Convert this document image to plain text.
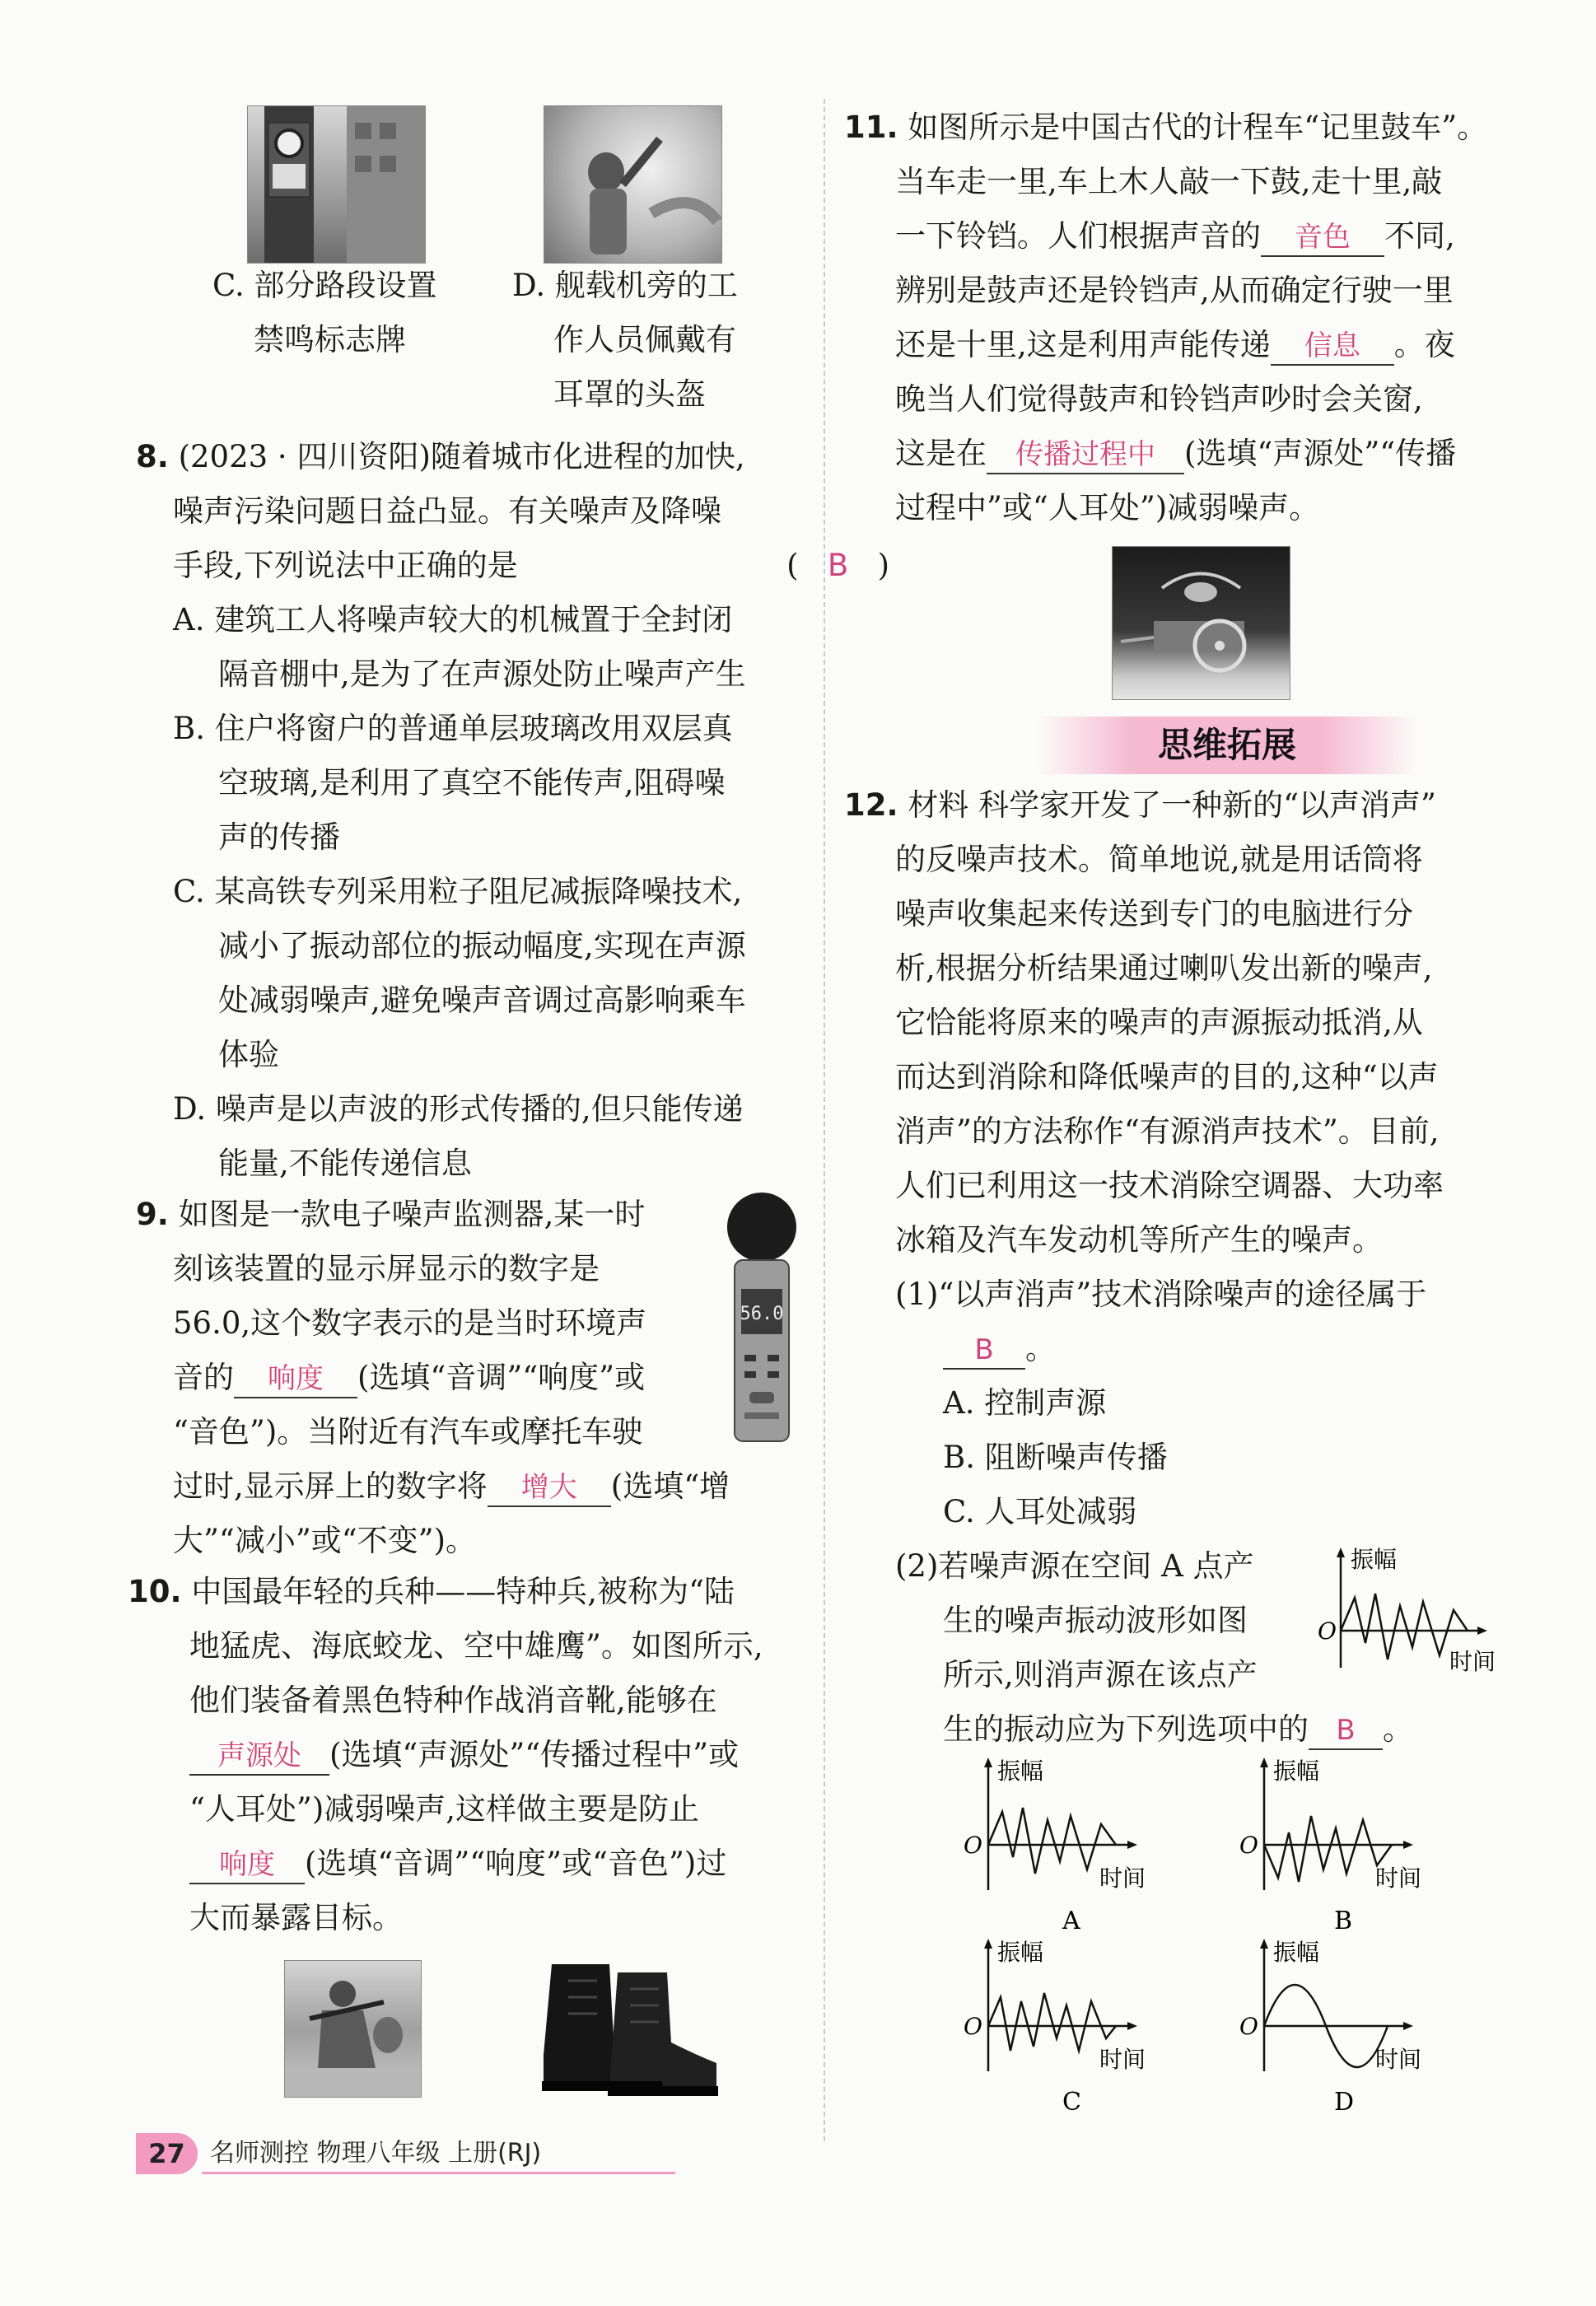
C. 部分路段设置
禁鸣标志牌
D. 舰载机旁的工
作人员佩戴有
耳罩的头盔
8. (2023 · 四川资阳)随着城市化进程的加快,
噪声污染问题日益凸显。有关噪声及降噪
手段,下列说法中正确的是	(   B   )
A. 建筑工人将噪声较大的机械置于全封闭
隔音棚中,是为了在声源处防止噪声产生
B. 住户将窗户的普通单层玻璃改用双层真
空玻璃,是利用了真空不能传声,阻碍噪
声的传播
C. 某高铁专列采用粒子阻尼减振降噪技术,
减小了振动部位的振动幅度,实现在声源
处减弱噪声,避免噪声音调过高影响乘车
体验
D. 噪声是以声波的形式传播的,但只能传递
能量,不能传递信息
9. 如图是一款电子噪声监测器,某一时
刻该装置的显示屏显示的数字是
56.0,这个数字表示的是当时环境声
音的 响度 (选填“音调”“响度”或
“音色”)。当附近有汽车或摩托车驶
过时,显示屏上的数字将 增大 (选填“增
大”“减小”或“不变”)。
56.0
10. 中国最年轻的兵种——特种兵,被称为“陆
地猛虎、海底蛟龙、空中雄鹰”。如图所示,
他们装备着黑色特种作战消音靴,能够在
声源处 (选填“声源处”“传播过程中”或
“人耳处”)减弱噪声,这样做主要是防止
响度 (选填“音调”“响度”或“音色”)过
大而暴露目标。
11. 如图所示是中国古代的计程车“记里鼓车”。
当车走一里,车上木人敲一下鼓,走十里,敲
一下铃铛。人们根据声音的 音色 不同,
辨别是鼓声还是铃铛声,从而确定行驶一里
还是十里,这是利用声能传递 信息 。夜
晚当人们觉得鼓声和铃铛声吵时会关窗,
这是在 传播过程中 (选填“声源处”“传播
过程中”或“人耳处”)减弱噪声。
思维拓展
12. 材料 科学家开发了一种新的“以声消声”
的反噪声技术。简单地说,就是用话筒将
噪声收集起来传送到专门的电脑进行分
析,根据分析结果通过喇叭发出新的噪声,
它恰能将原来的噪声的声源振动抵消,从
而达到消除和降低噪声的目的,这种“以声
消声”的方法称作“有源消声技术”。目前,
人们已利用这一技术消除空调器、大功率
冰箱及汽车发动机等所产生的噪声。
(1)“以声消声”技术消除噪声的途径属于
B 。
A. 控制声源
B. 阻断噪声传播
C. 人耳处减弱
(2)若噪声源在空间 A 点产
生的噪声振动波形如图
所示,则消声源在该点产
生的振动应为下列选项中的 B 。
振幅
O
时间
振幅
O
时间
A
振幅
O
时间
B
振幅
O
时间
C
振幅
O
时间
D
27	名师测控 物理八年级 上册(RJ)
